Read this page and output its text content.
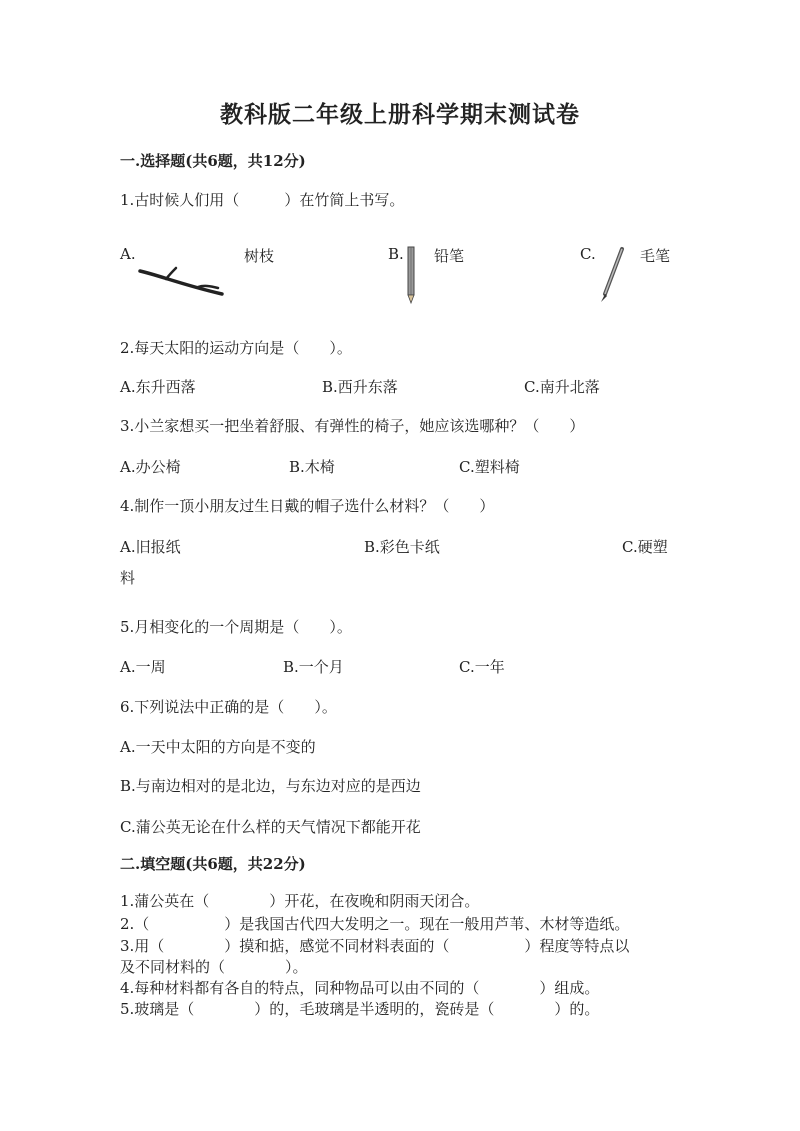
教科版二年级上册科学期末测试卷
一.选择题(共6题，共12分)
1.古时候人们用（　　　）在竹简上书写。
A.	树枝	B. 铅笔	C.	毛笔
2.每天太阳的运动方向是（　　）。
A.东升西落	B.西升东落	C.南升北落
3.小兰家想买一把坐着舒服、有弹性的椅子，她应该选哪种？（　　）
A.办公椅	B.木椅	C.塑料椅
4.制作一顶小朋友过生日戴的帽子选什么材料？（　　）
A.旧报纸	B.彩色卡纸	C.硬塑
料
5.月相变化的一个周期是（　　）。
A.一周	B.一个月	C.一年
6.下列说法中正确的是（　　）。
A.一天中太阳的方向是不变的
B.与南边相对的是北边，与东边对应的是西边
C.蒲公英无论在什么样的天气情况下都能开花
二.填空题(共6题，共22分)
1.蒲公英在（　　　　）开花，在夜晚和阴雨天闭合。
2.（　　　　　）是我国古代四大发明之一。现在一般用芦苇、木材等造纸。
3.用（　　　　）摸和掂，感觉不同材料表面的（　　　　　）程度等特点以
及不同材料的（　　　　）。
4.每种材料都有各自的特点，同种物品可以由不同的（　　　　）组成。
5.玻璃是（　　　　）的，毛玻璃是半透明的，瓷砖是（　　　　）的。
